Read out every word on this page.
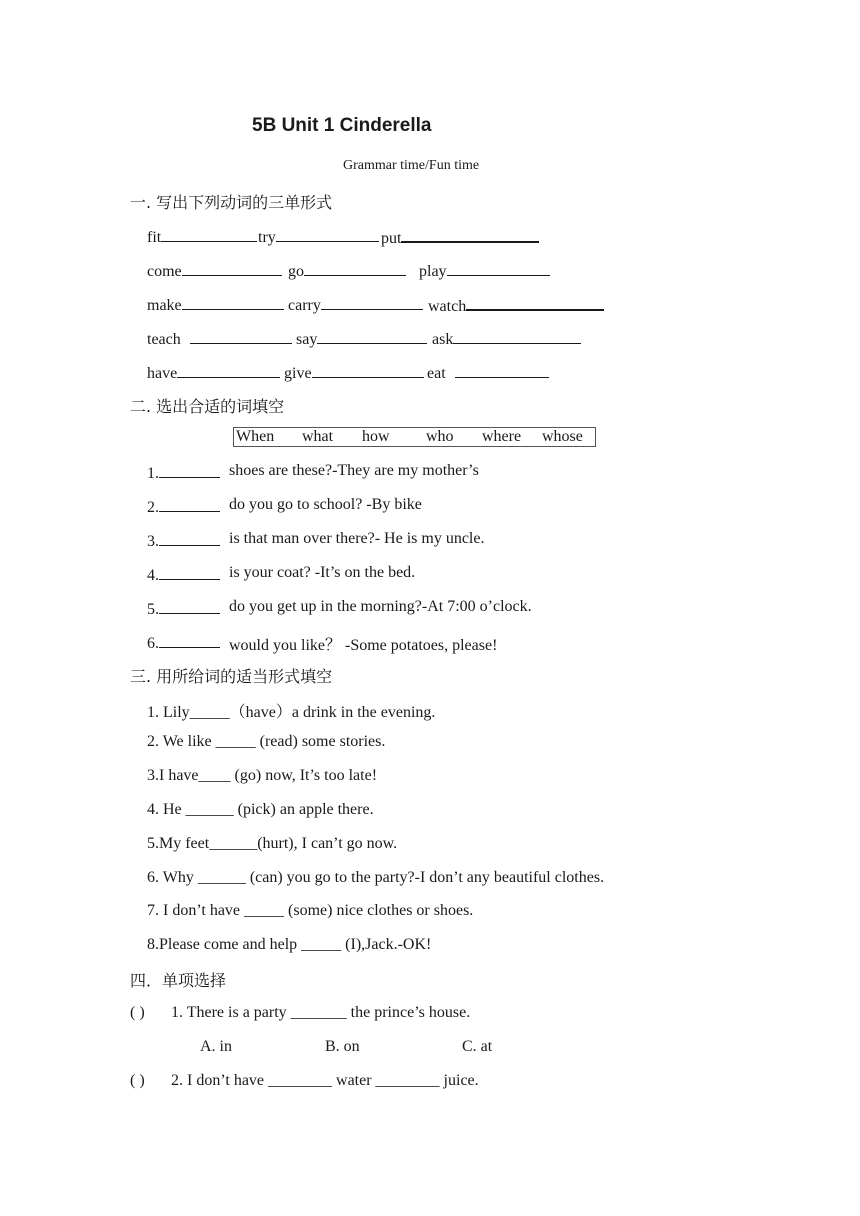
5B Unit 1 Cinderella
Grammar time/Fun time
一. 写出下列动词的三单形式
fit	try	put
come	go	play
make	carry	watch
teach	say	ask
have	give	eat
二. 选出合适的词填空
When what how who where whose
1.	shoes are these?-They are my mother’s
2.	do you go to school? -By bike
3.	is that man over there?- He is my uncle.
4.	is your coat? -It’s on the bed.
5.	do you get up in the morning?-At 7:00 o’clock.
6.	would you like？ -Some potatoes, please!
三. 用所给词的适当形式填空
1. Lily_____（have）a drink in the evening.
2. We like _____ (read) some stories.
3.I have____ (go) now, It’s too late!
4. He ______ (pick) an apple there.
5.My feet______(hurt), I can’t go now.
6. Why ______ (can) you go to the party?-I don’t any beautiful clothes.
7. I don’t have _____ (some) nice clothes or shoes.
8.Please come and help _____ (I),Jack.-OK!
四．单项选择
( ) 1. There is a party _______ the prince’s house.
A. in	B. on	C. at
( ) 2. I don’t have ________ water ________ juice.
